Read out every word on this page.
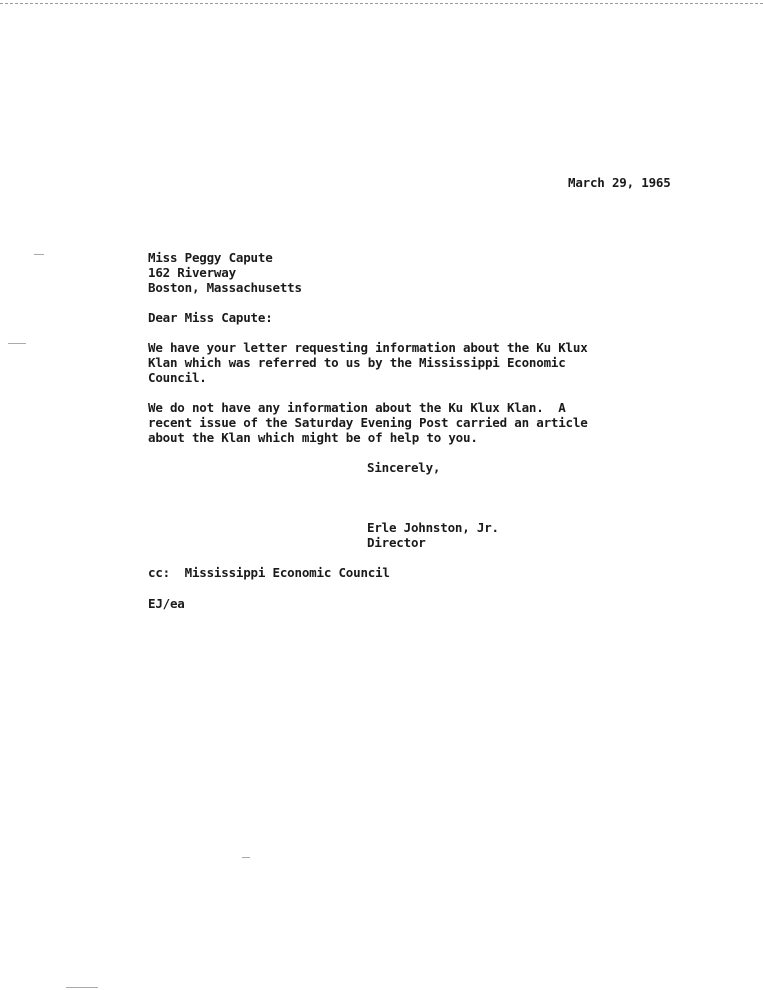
March 29, 1965
Miss Peggy Capute
162 Riverway
Boston, Massachusetts
Dear Miss Capute:
We have your letter requesting information about the Ku Klux
Klan which was referred to us by the Mississippi Economic
Council.
We do not have any information about the Ku Klux Klan.  A
recent issue of the Saturday Evening Post carried an article
about the Klan which might be of help to you.
Sincerely,
Erle Johnston, Jr.
Director
cc:  Mississippi Economic Council
EJ/ea
